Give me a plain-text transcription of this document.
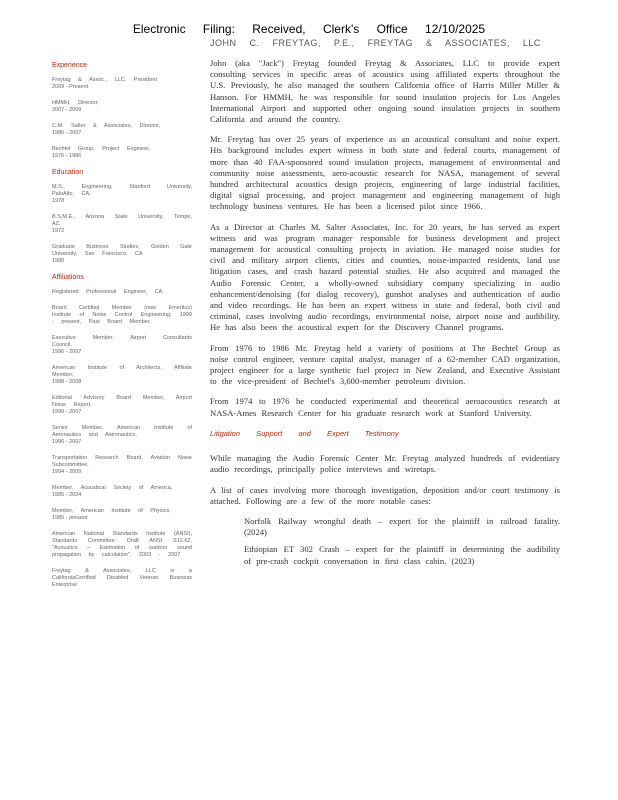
Electronic Filing: Received, Clerk's Office 12/10/2025
JOHN C. FREYTAG, P.E., FREYTAG & ASSOCIATES, LLC
Experience
Freytag & Assoc., LLC, President
2009 - Present
HMMH, Director,
2007 - 2009
C.M. Salter & Associates, Director,
1986 - 2007
Bechtel Group, Project Engineer,
1976 - 1986
Education
M.S., Engineering, Stanford University, PaloAlto, CA,
1978
B.S.M.E., Arizona State University, Tempe, AZ,
1972
Graduate Business Studies, Golden Gate University, San Francisco, CA
1980
Affiliations
Registered Professional Engineer, CA
Board Certified Member (now Emeritus) Institute of Noise Control Engineering, 1999 - present, Past Board Member,
Executive Member, Airport Consultants Council,
1996 - 2007
American Institute of Architects, Affiliate Member,
1988 - 2008
Editorial Advisory Board Member, Airport Noise Report,
1999 - 2007
Senior Member, American Institute of Aeronautics and Astronautics,
1996 - 2007
Transportation Research Board, Aviation Noise Subcommittee,
1994 - 2009
Member, Acoustical Society of America,
1985 - 2024
Member, American Institute of Physics,
1985 - present
American National Standards Institute (ANSI), Standards Committee: Draft ANSI S12.62, "Acoustics – Estimation of outdoor sound propagation by calculation", 2003 - 2007
Freytag & Associates, LLC is a CaliforniaCertified Disabled Veteran Business Enterprise

John (aka "Jack") Freytag founded Freytag & Associates, LLC to provide expert consulting services in specific areas of acoustics using affiliated experts throughout the U.S. Previously, he also managed the southern California office of Harris Miller Miller & Hanson. For HMMH, he was responsible for sound insulation projects for Los Angeles International Airport and supported other ongoing sound insulation projects in southern California and around the country.

Mr. Freytag has over 25 years of experience as an acoustical consultant and noise expert. His background includes expert witness in both state and federal courts, management of more than 40 FAA-sponsored sound insulation projects, management of environmental and community noise assessments, aero-acoustic research for NASA, management of several hundred architectural acoustics design projects, engineering of large industrial facilities, digital signal processing, and project management and engineering management of high technology business ventures. He has been a licensed pilot since 1966.

As a Director at Charles M. Salter Associates, Inc. for 20 years, he has served as expert witness and was program manager responsible for business development and project management for acoustical consulting projects in aviation. He managed noise studies for civil and military airport clients, cities and counties, noise-impacted residents, land use litigation cases, and crash hazard potential studies. He also acquired and managed the Audio Forensic Center, a wholly-owned subsidiary company specializing in audio enhancement/denoising (for dialog recovery), gunshot analyses and authentication of audio and video recordings. He has been an expert witness in state and federal, both civil and criminal, cases involving audio recordings, environmental noise, airport noise and audibility. He has also been the acoustical expert for the Discovery Channel programs.

From 1976 to 1986 Mr. Freytag held a variety of positions at The Bechtel Group as noise control engineer, venture capital analyst, manager of a 62-member CAD organization, project engineer for a large synthetic fuel project in New Zealand, and Executive Assistant to the vice-president of Bechtel's 3,600-member petroleum division.

From 1974 to 1976 he conducted experimental and theoretical aeroacoustics research at NASA-Ames Research Center for his graduate research work at Stanford University.

Litigation Support and Expert Testimony

While managing the Audio Forensic Center Mr. Freytag analyzed hundreds of evidentiary audio recordings, principally police interviews and wiretaps.

A list of cases involving more thorough investigation, deposition and/or court testimony is attached. Following are a few of the more notable cases:

Norfolk Railway wrongful death – expert for the plaintiff in railroad fatality. (2024)
Ethiopian ET 302 Crash – expert for the plaintiff in determining the audibility of pre-crash cockpit conversation in first class cabin. (2023)
